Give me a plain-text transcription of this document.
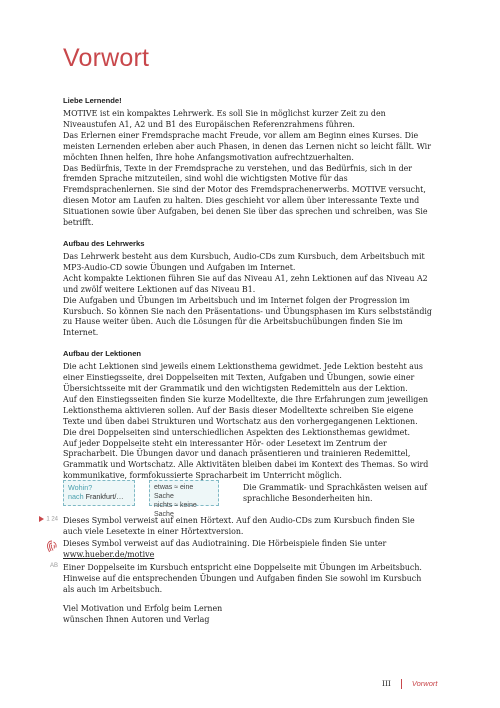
Vorwort
Liebe Lernende!

MOTIVE ist ein kompaktes Lehrwerk. Es soll Sie in möglichst kurzer Zeit zu den Niveaustufen A1, A2 und B1 des Europäischen Referenzrahmens führen.

Das Erlernen einer Fremdsprache macht Freude, vor allem am Beginn eines Kurses. Die meisten Lernenden erleben aber auch Phasen, in denen das Lernen nicht so leicht fällt. Wir möchten Ihnen helfen, Ihre hohe Anfangsmotivation aufrechtzuerhalten.

Das Bedürfnis, Texte in der Fremdsprache zu verstehen, und das Bedürfnis, sich in der fremden Sprache mitzuteilen, sind wohl die wichtigsten Motive für das Fremdsprachenlernen. Sie sind der Motor des Fremdsprachenerwerbs. MOTIVE versucht, diesen Motor am Laufen zu halten. Dies geschieht vor allem über interessante Texte und Situationen sowie über Aufgaben, bei denen Sie über das sprechen und schreiben, was Sie betrifft.

Aufbau des Lehrwerks

Das Lehrwerk besteht aus dem Kursbuch, Audio-CDs zum Kursbuch, dem Arbeitsbuch mit MP3-Audio-CD sowie Übungen und Aufgaben im Internet.

Acht kompakte Lektionen führen Sie auf das Niveau A1, zehn Lektionen auf das Niveau A2 und zwölf weitere Lektionen auf das Niveau B1.

Die Aufgaben und Übungen im Arbeitsbuch und im Internet folgen der Progression im Kursbuch. So können Sie nach den Präsentations- und Übungsphasen im Kurs selbstständig zu Hause weiter üben. Auch die Lösungen für die Arbeitsbuchübungen finden Sie im Internet.

Aufbau der Lektionen

Die acht Lektionen sind jeweils einem Lektionsthema gewidmet. Jede Lektion besteht aus einer Einstiegsseite, drei Doppelseiten mit Texten, Aufgaben und Übungen, sowie einer Übersichtsseite mit der Grammatik und den wichtigsten Redemitteln aus der Lektion.

Auf den Einstiegsseiten finden Sie kurze Modelltexte, die Ihre Erfahrungen zum jeweiligen Lektionsthema aktivieren sollen. Auf der Basis dieser Modelltexte schreiben Sie eigene Texte und üben dabei Strukturen und Wortschatz aus den vorhergegangenen Lektionen.

Die drei Doppelseiten sind unterschiedlichen Aspekten des Lektionsthemas gewidmet.

Auf jeder Doppelseite steht ein interessanter Hör- oder Lesetext im Zentrum der Spracharbeit. Die Übungen davor und danach präsentieren und trainieren Redemittel, Grammatik und Wortschatz. Alle Aktivitäten bleiben dabei im Kontext des Themas. So wird kommunikative, formfokussierte Spracharbeit im Unterricht möglich.

Wohin?
nach Frankfurt/…
etwas ≈ eine Sache
nichts ≈ keine Sache
Die Grammatik- und Sprachkästen weisen auf sprachliche Besonderheiten hin.
1 24 Dieses Symbol verweist auf einen Hörtext. Auf den Audio-CDs zum Kursbuch finden Sie auch viele Lesetexte in einer Hörtextversion.
Dieses Symbol verweist auf das Audiotraining. Die Hörbeispiele finden Sie unter
www.hueber.de/motive
AB Einer Doppelseite im Kursbuch entspricht eine Doppelseite mit Übungen im Arbeitsbuch. Hinweise auf die entsprechenden Übungen und Aufgaben finden Sie sowohl im Kursbuch als auch im Arbeitsbuch.
Viel Motivation und Erfolg beim Lernen
wünschen Ihnen Autoren und Verlag
III	Vorwort
